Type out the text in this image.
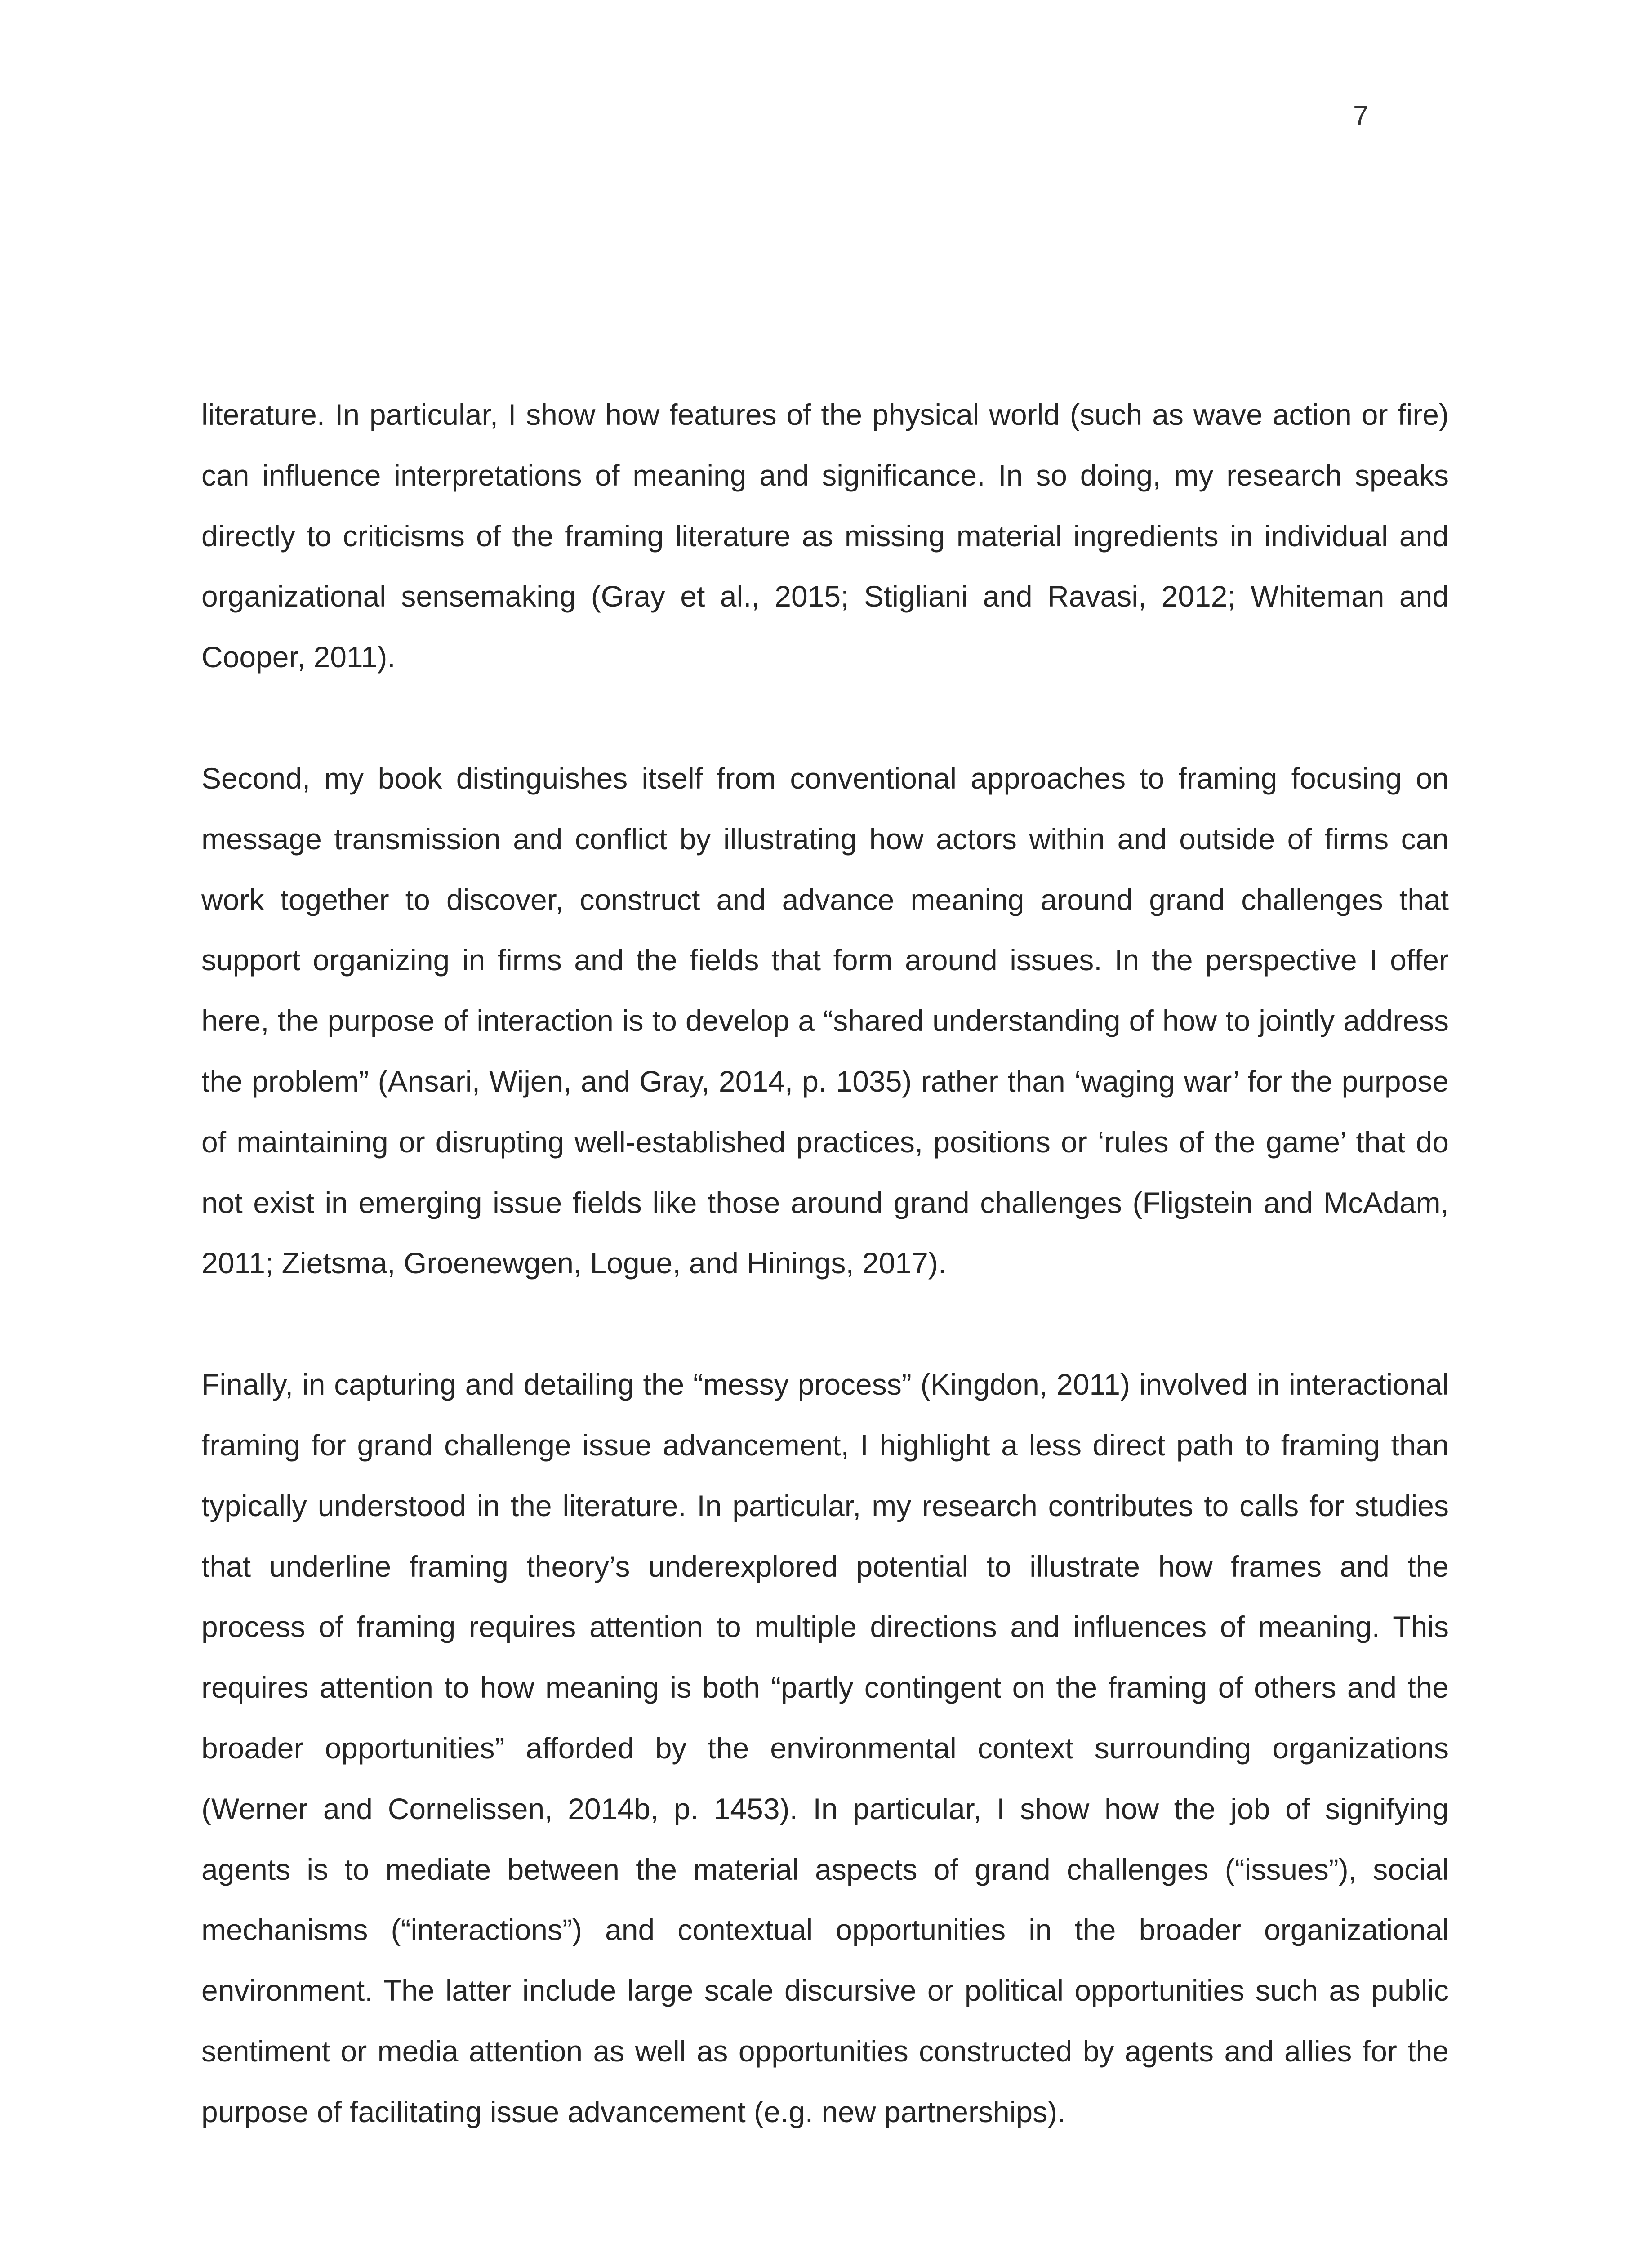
7

literature. In particular, I show how features of the physical world (such as wave action or fire) can influence interpretations of meaning and significance. In so doing, my research speaks directly to criticisms of the framing literature as missing material ingredients in individual and organizational sensemaking (Gray et al., 2015; Stigliani and Ravasi, 2012; Whiteman and Cooper, 2011).

Second, my book distinguishes itself from conventional approaches to framing focusing on message transmission and conflict by illustrating how actors within and outside of firms can work together to discover, construct and advance meaning around grand challenges that support organizing in firms and the fields that form around issues. In the perspective I offer here, the purpose of interaction is to develop a “shared understanding of how to jointly address the problem” (Ansari, Wijen, and Gray, 2014, p. 1035) rather than ‘waging war’ for the purpose of maintaining or disrupting well-established practices, positions or ‘rules of the game’ that do not exist in emerging issue fields like those around grand challenges (Fligstein and McAdam, 2011; Zietsma, Groenewgen, Logue, and Hinings, 2017).

Finally, in capturing and detailing the “messy process” (Kingdon, 2011) involved in interactional framing for grand challenge issue advancement, I highlight a less direct path to framing than typically understood in the literature. In particular, my research contributes to calls for studies that underline framing theory’s underexplored potential to illustrate how frames and the process of framing requires attention to multiple directions and influences of meaning. This requires attention to how meaning is both “partly contingent on the framing of others and the broader opportunities” afforded by the environmental context surrounding organizations (Werner and Cornelissen, 2014b, p. 1453). In particular, I show how the job of signifying agents is to mediate between the material aspects of grand challenges (“issues”), social mechanisms (“interactions”) and contextual opportunities in the broader organizational environment. The latter include large scale discursive or political opportunities such as public sentiment or media attention as well as opportunities constructed by agents and allies for the purpose of facilitating issue advancement (e.g. new partnerships).
